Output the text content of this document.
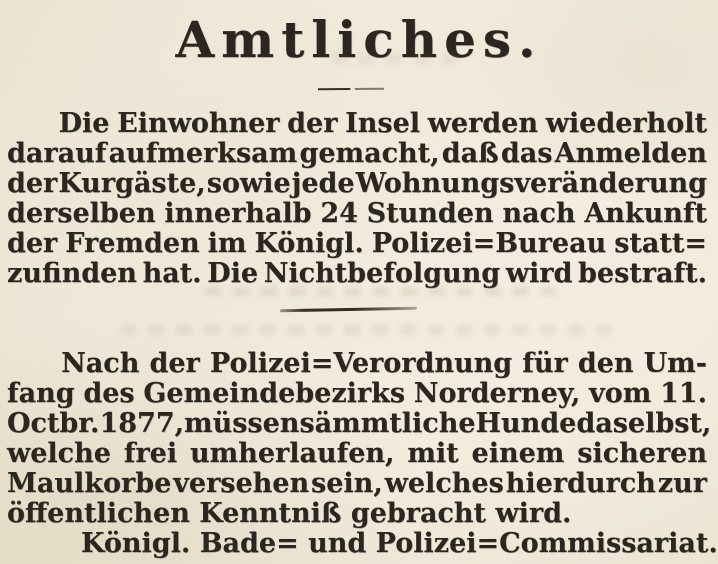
Amtliches.
Die Einwohner der Insel werden wiederholt
darauf aufmerksam gemacht, daß das Anmelden
der Kurgäste, sowie jede Wohnungsveränderung
derselben innerhalb 24 Stunden nach Ankunft
der Fremden im Königl. Polizei=Bureau statt=
zufinden hat. Die Nichtbefolgung wird bestraft.
Nach der Polizei=Verordnung für den Um-
fang des Gemeindebezirks Norderney, vom 11.
Octbr. 1877, müssen sämmtliche Hunde daselbst,
welche frei umherlaufen, mit einem sicheren
Maulkorbe versehen sein, welches hierdurch zur
öffentlichen Kenntniß gebracht wird.
Königl. Bade= und Polizei=Commissariat.
